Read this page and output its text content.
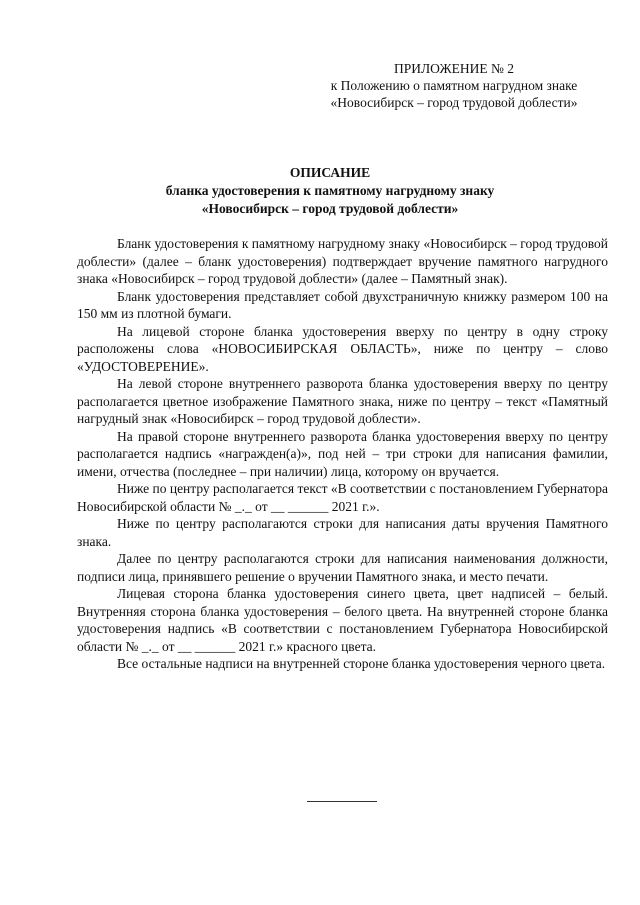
ПРИЛОЖЕНИЕ № 2
к Положению о памятном нагрудном знаке
«Новосибирск – город трудовой доблести»
ОПИСАНИЕ
бланка удостоверения к памятному нагрудному знаку
«Новосибирск – город трудовой доблести»

Бланк удостоверения к памятному нагрудному знаку «Новосибирск – город трудовой доблести» (далее – бланк удостоверения) подтверждает вручение памятного нагрудного знака «Новосибирск – город трудовой доблести» (далее – Памятный знак).

Бланк удостоверения представляет собой двухстраничную книжку размером 100 на 150 мм из плотной бумаги.

На лицевой стороне бланка удостоверения вверху по центру в одну строку расположены слова «НОВОСИБИРСКАЯ ОБЛАСТЬ», ниже по центру – слово «УДОСТОВЕРЕНИЕ».

На левой стороне внутреннего разворота бланка удостоверения вверху по центру располагается цветное изображение Памятного знака, ниже по центру – текст «Памятный нагрудный знак «Новосибирск – город трудовой доблести».

На правой стороне внутреннего разворота бланка удостоверения вверху по центру располагается надпись «награжден(а)», под ней – три строки для написания фамилии, имени, отчества (последнее – при наличии) лица, которому он вручается.

Ниже по центру располагается текст «В соответствии с постановлением Губернатора Новосибирской области № _._ от __ ______ 2021 г.».

Ниже по центру располагаются строки для написания даты вручения Памятного знака.

Далее по центру располагаются строки для написания наименования должности, подписи лица, принявшего решение о вручении Памятного знака, и место печати.

Лицевая сторона бланка удостоверения синего цвета, цвет надписей – белый. Внутренняя сторона бланка удостоверения – белого цвета. На внутренней стороне бланка удостоверения надпись «В соответствии с постановлением Губернатора Новосибирской области № _._ от __ ______ 2021 г.» красного цвета.

Все остальные надписи на внутренней стороне бланка удостоверения черного цвета.
